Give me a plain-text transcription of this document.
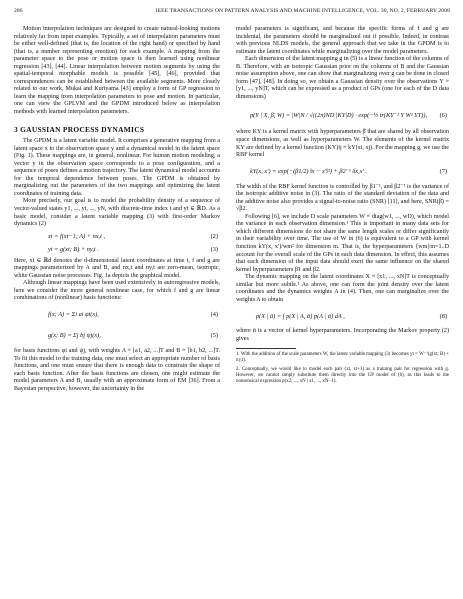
286	IEEE TRANSACTIONS ON PATTERN ANALYSIS AND MACHINE INTELLIGENCE, VOL. 30, NO. 2, FEBRUARY 2008

Motion interpolation techniques are designed to create natural-looking motions relatively far from input examples. Typically, a set of interpolation parameters must be either well-defined (that is, the location of the right hand) or specified by hand (that is, a number representing emotion) for each example. A mapping from the parameter space to the pose or motion space is then learned using nonlinear regression [43], [44]. Linear interpolation between motion segments by using the spatial-temporal morphable models is possible [45], [46], provided that correspondences can be established between the available segments. More closely related to our work, Mukai and Kuriyama [43] employ a form of GP regression to learn the mapping from interpolation parameters to pose and motion. In particular, one can view the GPLVM and the GPDM introduced below as interpolation methods with learned interpolation parameters.

3 GAUSSIAN PROCESS DYNAMICS

The GPDM is a latent variable model. It comprises a generative mapping from a latent space x to the observation space y and a dynamical model in the latent space (Fig. 1). These mappings are, in general, nonlinear. For human motion modeling, a vector y in the observation space corresponds to a pose configuration, and a sequence of poses defines a motion trajectory. The latent dynamical model accounts for the temporal dependence between poses. The GPDM is obtained by marginalizing out the parameters of the two mappings and optimizing the latent coordinates of training data.

More precisely, our goal is to model the probability density of a sequence of vector-valued states y1, ..., yt, ..., yN, with discrete-time index t and yt ∈ ℝD. As a basic model, consider a latent variable mapping (3) with first-order Markov dynamics (2)

xt = f(xt−1; A) + nx,t ,	(2)
yt = g(xt; B) + ny,t .	(3)

Here, xt ∈ ℝd denotes the d-dimensional latent coordinates at time t, f and g are mappings parameterized by A and B, and nx,t and ny,t are zero-mean, isotropic, white Gaussian noise processes. Fig. 1a depicts the graphical model.

Although linear mappings have been used extensively in autoregressive models, here we consider the more general nonlinear case, for which f and g are linear combinations of (nonlinear) basis functions:

f(x; A) = Σi ai φi(x),	(4)
g(x; B) = Σj bj ψj(x),	(5)

for basis functions φi and ψj, with weights A ≡ [a1, a2, ...]T and B ≡ [b1, b2, ...]T. To fit this model to the training data, one must select an appropriate number of basis functions, and one must ensure that there is enough data to constrain the shape of each basis function. After the basis functions are chosen, one might estimate the model parameters A and B, usually with an approximate form of EM [36]. From a Bayesian perspective, however, the uncertainty in the

model parameters is significant, and because the specific forms of f and g are incidental, the parameters should be marginalized out if possible. Indeed, in contrast with previous NLDS models, the general approach that we take in the GPDM is to estimate the latent coordinates while marginalizing over the model parameters.

Each dimension of the latent mapping g in (5) is a linear function of the columns of B. Therefore, with an isotropic Gaussian prior on the columns of B and the Gaussian noise assumption above, one can show that marginalizing over g can be done in closed form [47], [48]. In doing so, we obtain a Gaussian density over the observations Y ≡ [y1, ..., yN]T, which can be expressed as a product of GPs (one for each of the D data dimensions)

p(Y | X, β̄, W) = |W|N / √((2π)ND |KY|D) · exp(−½ tr(KY⁻¹ Y W² YT)),	(6)

where KY is a kernel matrix with hyperparameters β̄ that are shared by all observation space dimensions, as well as hyperparameters W. The elements of the kernel matrix KY are defined by a kernel function (KY)ij ≡ kY(xi, xj). For the mapping g, we use the RBF kernel

kY(x, x′) = exp(−(β1/2) ‖x − x′‖²) + β2⁻¹ δx,x′ .	(7)

The width of the RBF kernel function is controlled by β1⁻¹, and β2⁻¹ is the variance of the isotropic additive noise in (3). The ratio of the standard deviation of the data and the additive noise also provides a signal-to-noise ratio (SNR) [11], and here, SNR(β̄) = √β2.

Following [6], we include D scale parameters W ≡ diag(w1, ..., wD), which model the variance in each observation dimension.¹ This is important in many data sets for which different dimensions do not share the same length scales or differ significantly in their variability over time. The use of W in (6) is equivalent to a GP with kernel function kY(x, x′)/wm² for dimension m. That is, the hyperparameters {wm}m=1..D account for the overall scale of the GPs in each data dimension. In effect, this assumes that each dimension of the input data should exert the same influence on the shared kernel hyperparameters β1 and β2.

The dynamic mapping on the latent coordinates X ≡ [x1, ..., xN]T is conceptually similar but more subtle.² As above, one can form the joint density over the latent coordinates and the dynamics weights A in (4). Then, one can marginalize over the weights A to obtain

p(X | ᾱ) = ∫ p(X | A, ᾱ) p(A | ᾱ) dA ,	(8)

where ᾱ is a vector of kernel hyperparameters. Incorporating the Markov property (2) gives

1. With the addition of the scale parameters W, the latent variable mapping (3) becomes yt = W⁻¹(g(xt; B) + ny,t).
2. Conceptually, we would like to model each pair (xt, xt+1) as a training pair for regression with g. However, we cannot simply substitute them directly into the GP model of (6), as this leads to the nonsensical expression p(x2, ..., xN | x1, ..., xN−1).
